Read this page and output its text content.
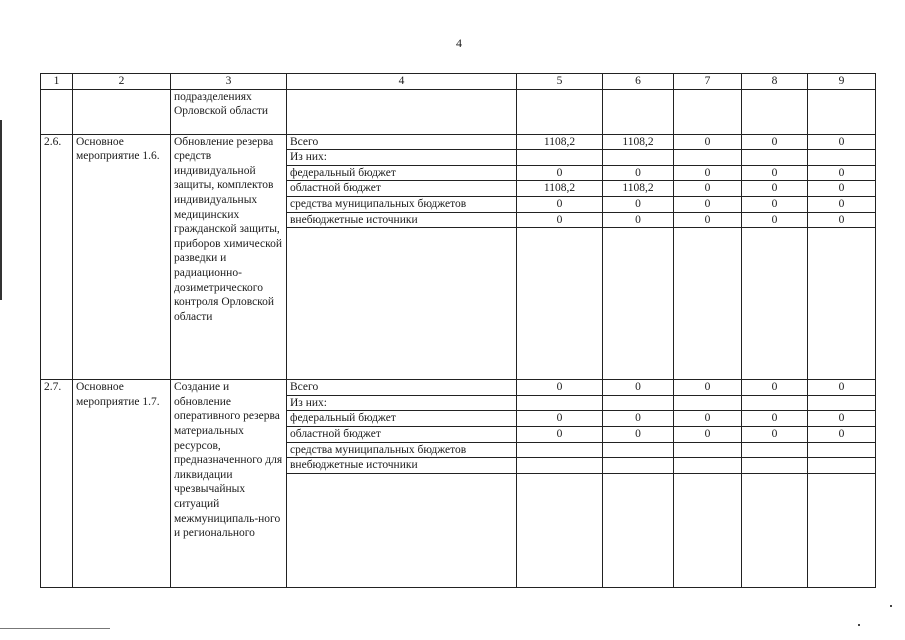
4
1	2	3	4	5	6	7	8	9
		подразделениях Орловской области						
2.6.	Основное мероприятие 1.6.	Обновление резерва средств индивидуальной защиты, комплектов индивидуальных медицинских гражданской защиты, приборов химической разведки и радиационно-дозиметрического контроля Орловской области	Всего	1108,2	1108,2	0	0	0
			Из них:					
			федеральный бюджет	0	0	0	0	0
			областной бюджет	1108,2	1108,2	0	0	0
			средства муниципальных бюджетов	0	0	0	0	0
			внебюджетные источники	0	0	0	0	0

2.7.	Основное мероприятие 1.7.	Создание и обновление оперативного резерва материальных ресурсов, предназначенного для ликвидации чрезвычайных ситуаций межмуниципаль-ного и регионального	Всего	0	0	0	0	0
			Из них:					
			федеральный бюджет	0	0	0	0	0
			областной бюджет	0	0	0	0	0
			средства муниципальных бюджетов					
			внебюджетные источники					
